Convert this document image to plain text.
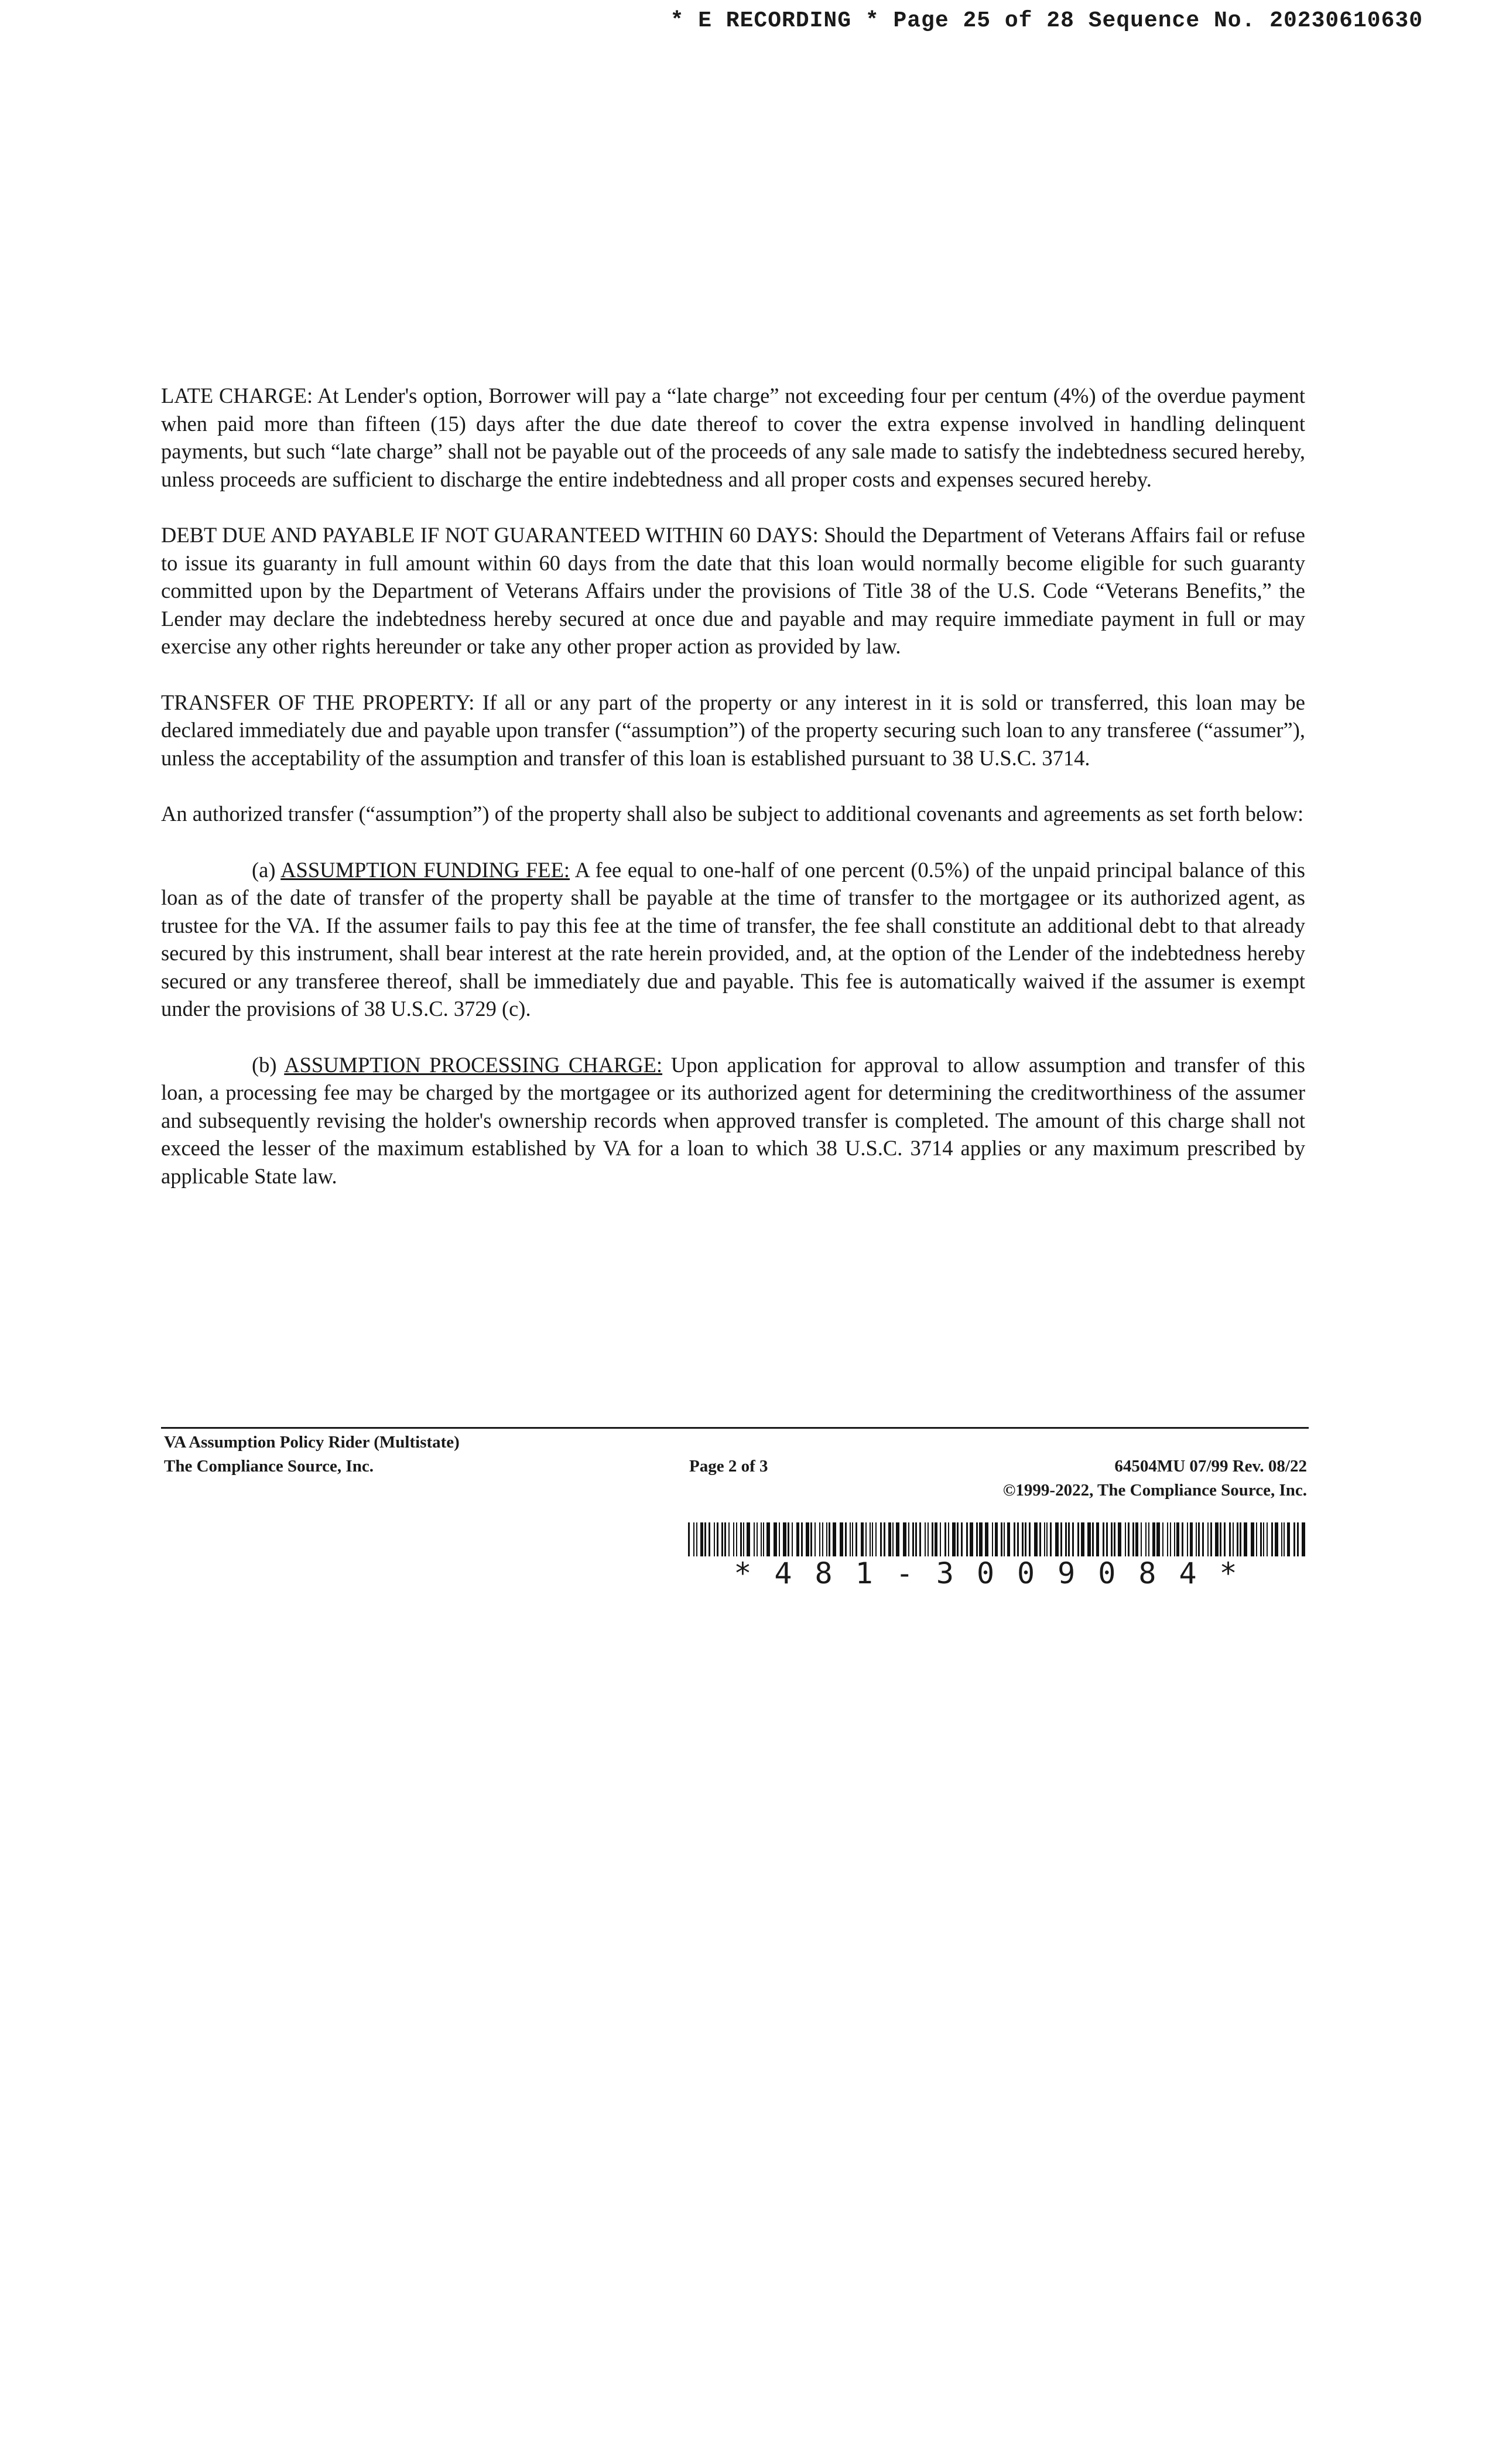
* E RECORDING * Page 25 of 28 Sequence No. 20230610630

LATE CHARGE: At Lender's option, Borrower will pay a “late charge” not exceeding four per centum (4%) of the overdue payment when paid more than fifteen (15) days after the due date thereof to cover the extra expense involved in handling delinquent payments, but such “late charge” shall not be payable out of the proceeds of any sale made to satisfy the indebtedness secured hereby, unless proceeds are sufficient to discharge the entire indebtedness and all proper costs and expenses secured hereby.

DEBT DUE AND PAYABLE IF NOT GUARANTEED WITHIN 60 DAYS: Should the Department of Veterans Affairs fail or refuse to issue its guaranty in full amount within 60 days from the date that this loan would normally become eligible for such guaranty committed upon by the Department of Veterans Affairs under the provisions of Title 38 of the U.S. Code “Veterans Benefits,” the Lender may declare the indebtedness hereby secured at once due and payable and may require immediate payment in full or may exercise any other rights hereunder or take any other proper action as provided by law.

TRANSFER OF THE PROPERTY: If all or any part of the property or any interest in it is sold or transferred, this loan may be declared immediately due and payable upon transfer (“assumption”) of the property securing such loan to any transferee (“assumer”), unless the acceptability of the assumption and transfer of this loan is established pursuant to 38 U.S.C. 3714.

An authorized transfer (“assumption”) of the property shall also be subject to additional covenants and agreements as set forth below:

(a) ASSUMPTION FUNDING FEE: A fee equal to one-half of one percent (0.5%) of the unpaid principal balance of this loan as of the date of transfer of the property shall be payable at the time of transfer to the mortgagee or its authorized agent, as trustee for the VA. If the assumer fails to pay this fee at the time of transfer, the fee shall constitute an additional debt to that already secured by this instrument, shall bear interest at the rate herein provided, and, at the option of the Lender of the indebtedness hereby secured or any transferee thereof, shall be immediately due and payable. This fee is automatically waived if the assumer is exempt under the provisions of 38 U.S.C. 3729 (c).

(b) ASSUMPTION PROCESSING CHARGE: Upon application for approval to allow assumption and transfer of this loan, a processing fee may be charged by the mortgagee or its authorized agent for determining the creditworthiness of the assumer and subsequently revising the holder's ownership records when approved transfer is completed. The amount of this charge shall not exceed the lesser of the maximum established by VA for a loan to which 38 U.S.C. 3714 applies or any maximum prescribed by applicable State law.

VA Assumption Policy Rider (Multistate)
The Compliance Source, Inc.	Page 2 of 3	64504MU 07/99 Rev. 08/22
©1999-2022, The Compliance Source, Inc.
*481-3009084*
